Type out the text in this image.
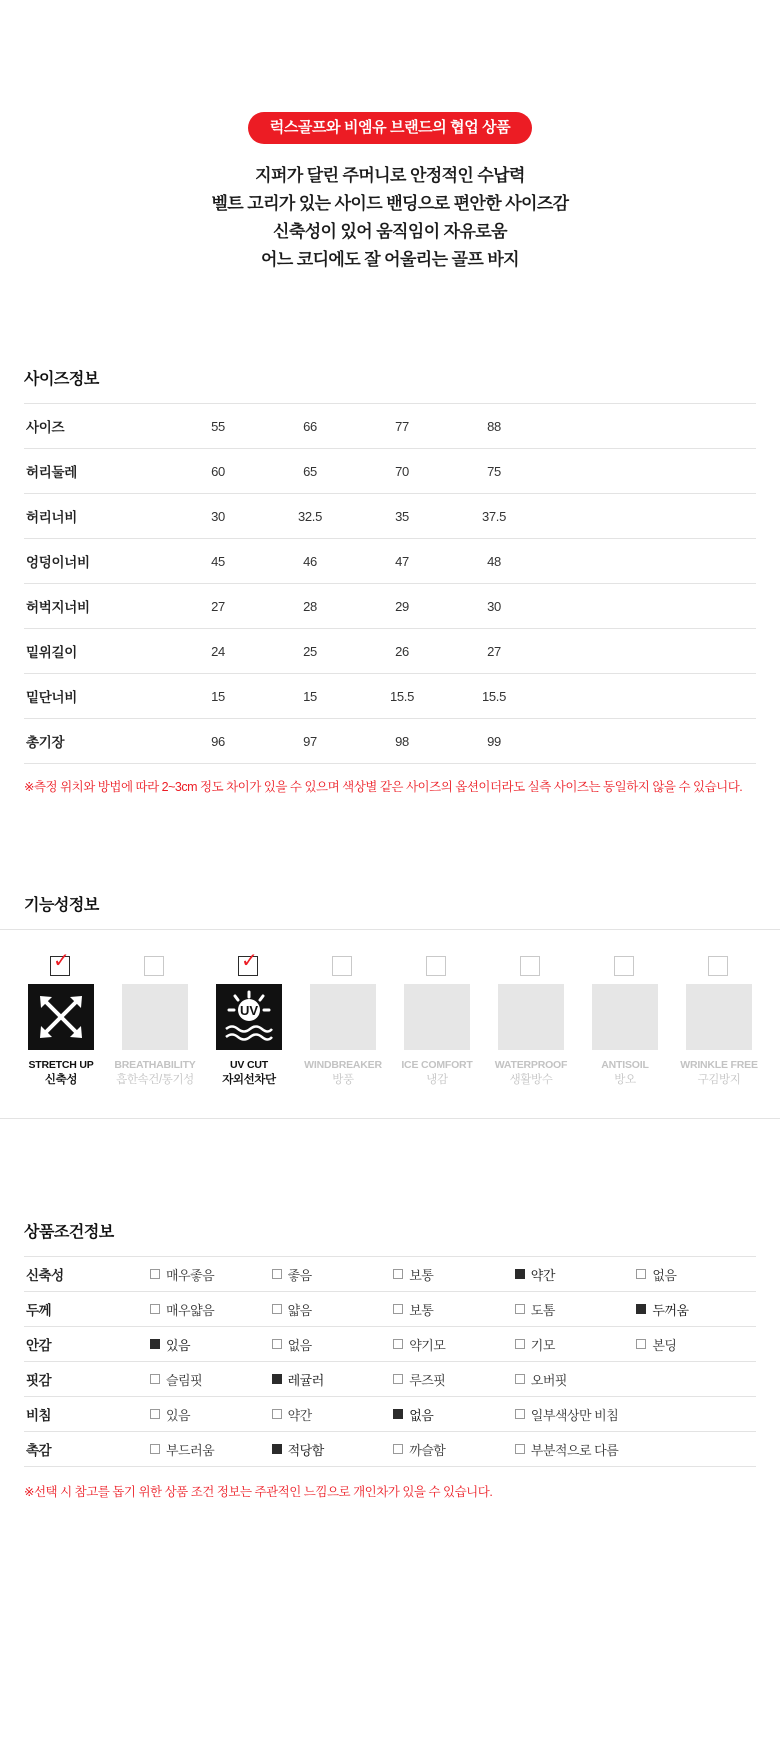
럭스골프와 비엠유 브랜드의 협업 상품
지퍼가 달린 주머니로 안정적인 수납력
벨트 고리가 있는 사이드 밴딩으로 편안한 사이즈감
신축성이 있어 움직임이 자유로움
어느 코디에도 잘 어울리는 골프 바지
사이즈정보
사이즈	55	66	77	88	
허리둘레	60	65	70	75	
허리너비	30	32.5	35	37.5	
엉덩이너비	45	46	47	48	
허벅지너비	27	28	29	30	
밑위길이	24	25	26	27	
밑단너비	15	15	15.5	15.5	
총기장	96	97	98	99	
※측정 위치와 방법에 따라 2~3cm 정도 차이가 있을 수 있으며 색상별 같은 사이즈의 옵션이더라도 실측 사이즈는 동일하지 않을 수 있습니다.
기능성정보
✓
STRETCH UP
신축성
BREATHABILITY
흡한속건/통기성
✓
UV
UV CUT
자외선차단
WINDBREAKER
방풍
ICE COMFORT
냉감
WATERPROOF
생활방수
ANTISOIL
방오
WRINKLE FREE
구김방지
상품조건정보
신축성	매우좋음	좋음	보통	약간	없음

두께	매우얇음	얇음	보통	도톰	두꺼움

안감	있음	없음	약기모	기모	본딩

핏감	슬림핏	레귤러	루즈핏	오버핏	

비침	있음	약간	없음	일부색상만 비침	

촉감	부드러움	적당함	까슬함	부분적으로 다름	
※선택 시 참고를 돕기 위한 상품 조건 정보는 주관적인 느낌으로 개인차가 있을 수 있습니다.
